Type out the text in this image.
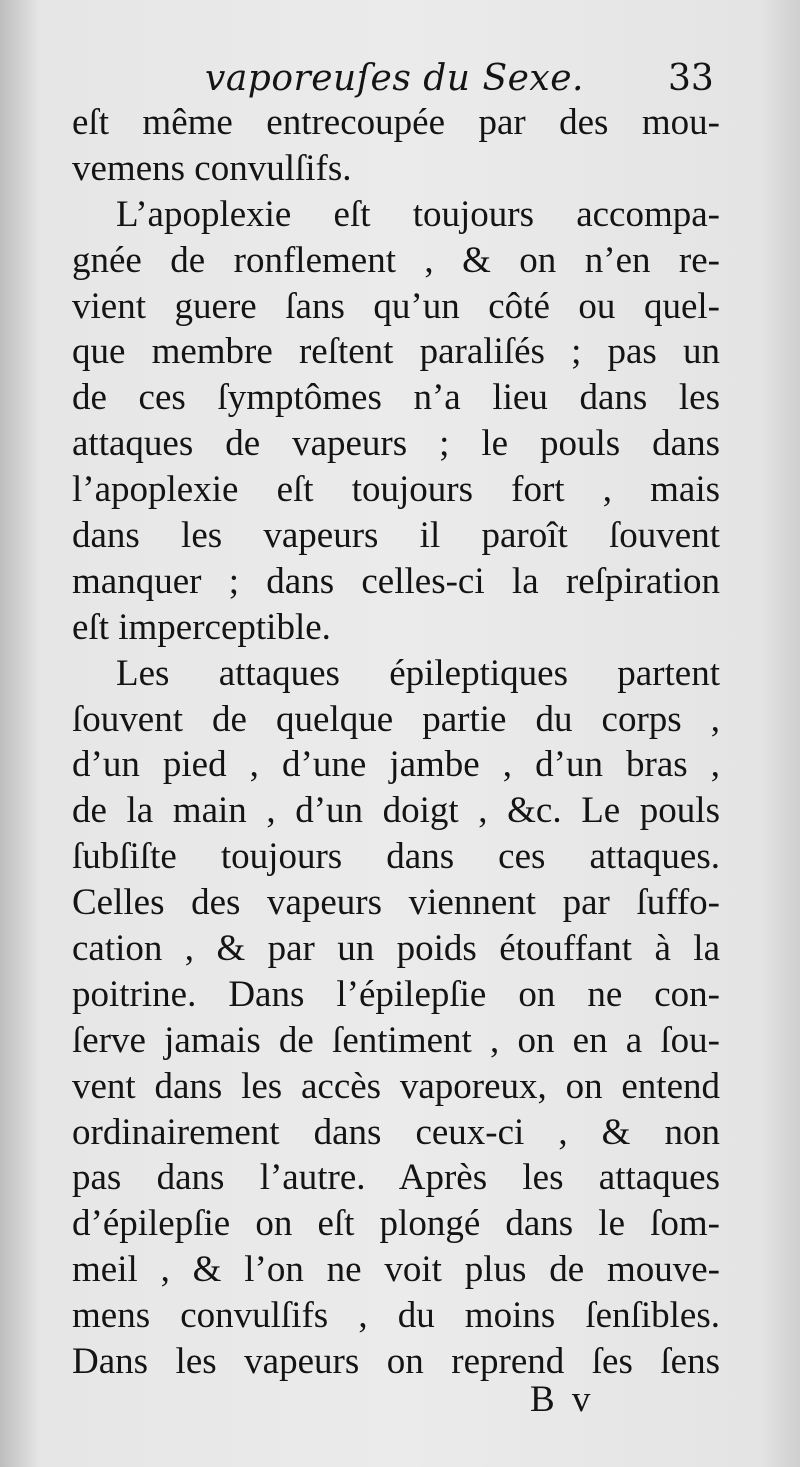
vaporeuſes du Sexe. 33
eſt même entrecoupée par des mou-
vemens convulſifs.
L’apoplexie eſt toujours accompa-
gnée de ronflement , & on n’en re-
vient guere ſans qu’un côté ou quel-
que membre reſtent paraliſés ; pas un
de ces ſymptômes n’a lieu dans les
attaques de vapeurs ; le pouls dans
l’apoplexie eſt toujours fort , mais
dans les vapeurs il paroît ſouvent
manquer ; dans celles-ci la reſpiration
eſt imperceptible.
Les attaques épileptiques partent
ſouvent de quelque partie du corps ,
d’un pied , d’une jambe , d’un bras ,
de la main , d’un doigt , &c. Le pouls
ſubſiſte toujours dans ces attaques.
Celles des vapeurs viennent par ſuffo-
cation , & par un poids étouffant à la
poitrine. Dans l’épilepſie on ne con-
ſerve jamais de ſentiment , on en a ſou-
vent dans les accès vaporeux, on entend
ordinairement dans ceux-ci , & non
pas dans l’autre. Après les attaques
d’épilepſie on eſt plongé dans le ſom-
meil , & l’on ne voit plus de mouve-
mens convulſifs , du moins ſenſibles.
Dans les vapeurs on reprend ſes ſens
B v
